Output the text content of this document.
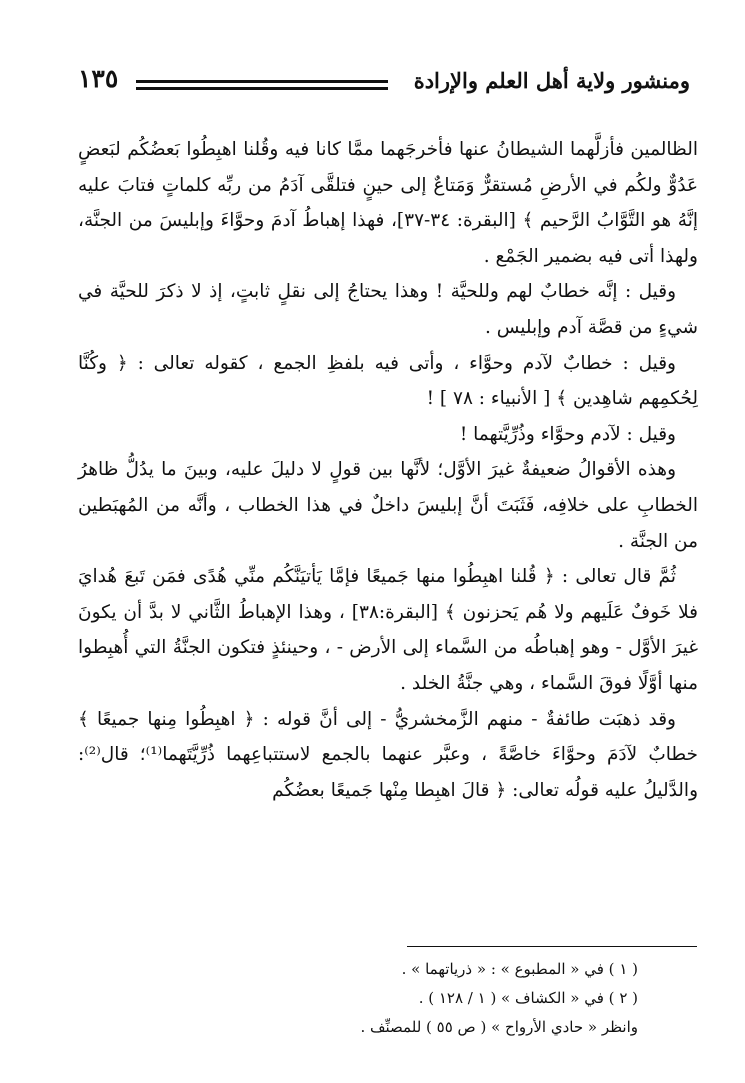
ومنشور ولاية أهل العلم والإرادة
١٣٥

الظالمين فأزلَّهما الشيطانُ عنها فأخرجَهما ممَّا كانا فيه وقُلنا اهبِطُوا بَعضُكُم لبَعضٍ عَدُوٌّ ولكُم في الأرضِ مُستقرٌّ وَمَتاعٌ إلى حينٍ فتلقَّى آدَمُ من ربِّه كلماتٍ فتابَ عليه إنَّهُ هو التَّوَّابُ الرَّحيم ﴾ [البقرة: ٣٤-٣٧]، فهذا إهباطُ آدمَ وحوَّاءَ وإبليسَ من الجنَّة، ولهذا أتى فيه بضمير الجَمْع .

وقيل : إنَّه خطابٌ لهم وللحيَّة ! وهذا يحتاجُ إلى نقلٍ ثابتٍ، إذ لا ذكرَ للحيَّة في شيءٍ من قصَّة آدم وإبليس .

وقيل : خطابٌ لآدم وحوَّاء ، وأتى فيه بلفظِ الجمع ، كقوله تعالى : ﴿ وكُنَّا لِحُكمِهم شاهِدين ﴾ [ الأنبياء : ٧٨ ] !

وقيل : لآدم وحوَّاء وذُرِّيَّتهما !

وهذه الأقوالُ ضعيفةٌ غيرَ الأوَّل؛ لأنَّها بين قولٍ لا دليلَ عليه، وبينَ ما يدُلُّ ظاهرُ الخطابِ على خلافِه، فَثَبَتَ أنَّ إبليسَ داخلٌ في هذا الخطاب ، وأنَّه من المُهبَطين من الجنَّة .

ثُمَّ قال تعالى : ﴿ قُلنا اهبِطُوا منها جَميعًا فإمَّا يَأتيَنَّكُم منِّي هُدًى فمَن تَبعَ هُدايَ فلا خَوفٌ عَلَيهم ولا هُم يَحزنون ﴾ [البقرة:٣٨] ، وهذا الإهباطُ الثَّاني لا بدَّ أن يكونَ غيرَ الأوَّل - وهو إهباطُه من السَّماء إلى الأرض - ، وحينئذٍ فتكون الجنَّةُ التي أُهبِطوا منها أوَّلًا فوقَ السَّماء ، وهي جنَّةُ الخلد .

وقد ذهبَت طائفةٌ - منهم الزَّمخشريُّ - إلى أنَّ قوله : ﴿ اهبِطُوا مِنها جميعًا ﴾ خطابٌ لآدَمَ وحوَّاءَ خاصَّةً ، وعبَّر عنهما بالجمع لاستتباعِهما ذُرِّيَّتَهما⁽¹⁾؛ قال⁽²⁾: والدَّليلُ عليه قولُه تعالى: ﴿ قالَ اهبِطا مِنْها جَميعًا بعضُكُم

( ١ ) في « المطبوع » : « ذرياتهما » .
( ٢ ) في « الكشاف » ( ١ / ١٢٨ ) .
وانظر « حادي الأرواح » ( ص ٥٥ ) للمصنِّف .
